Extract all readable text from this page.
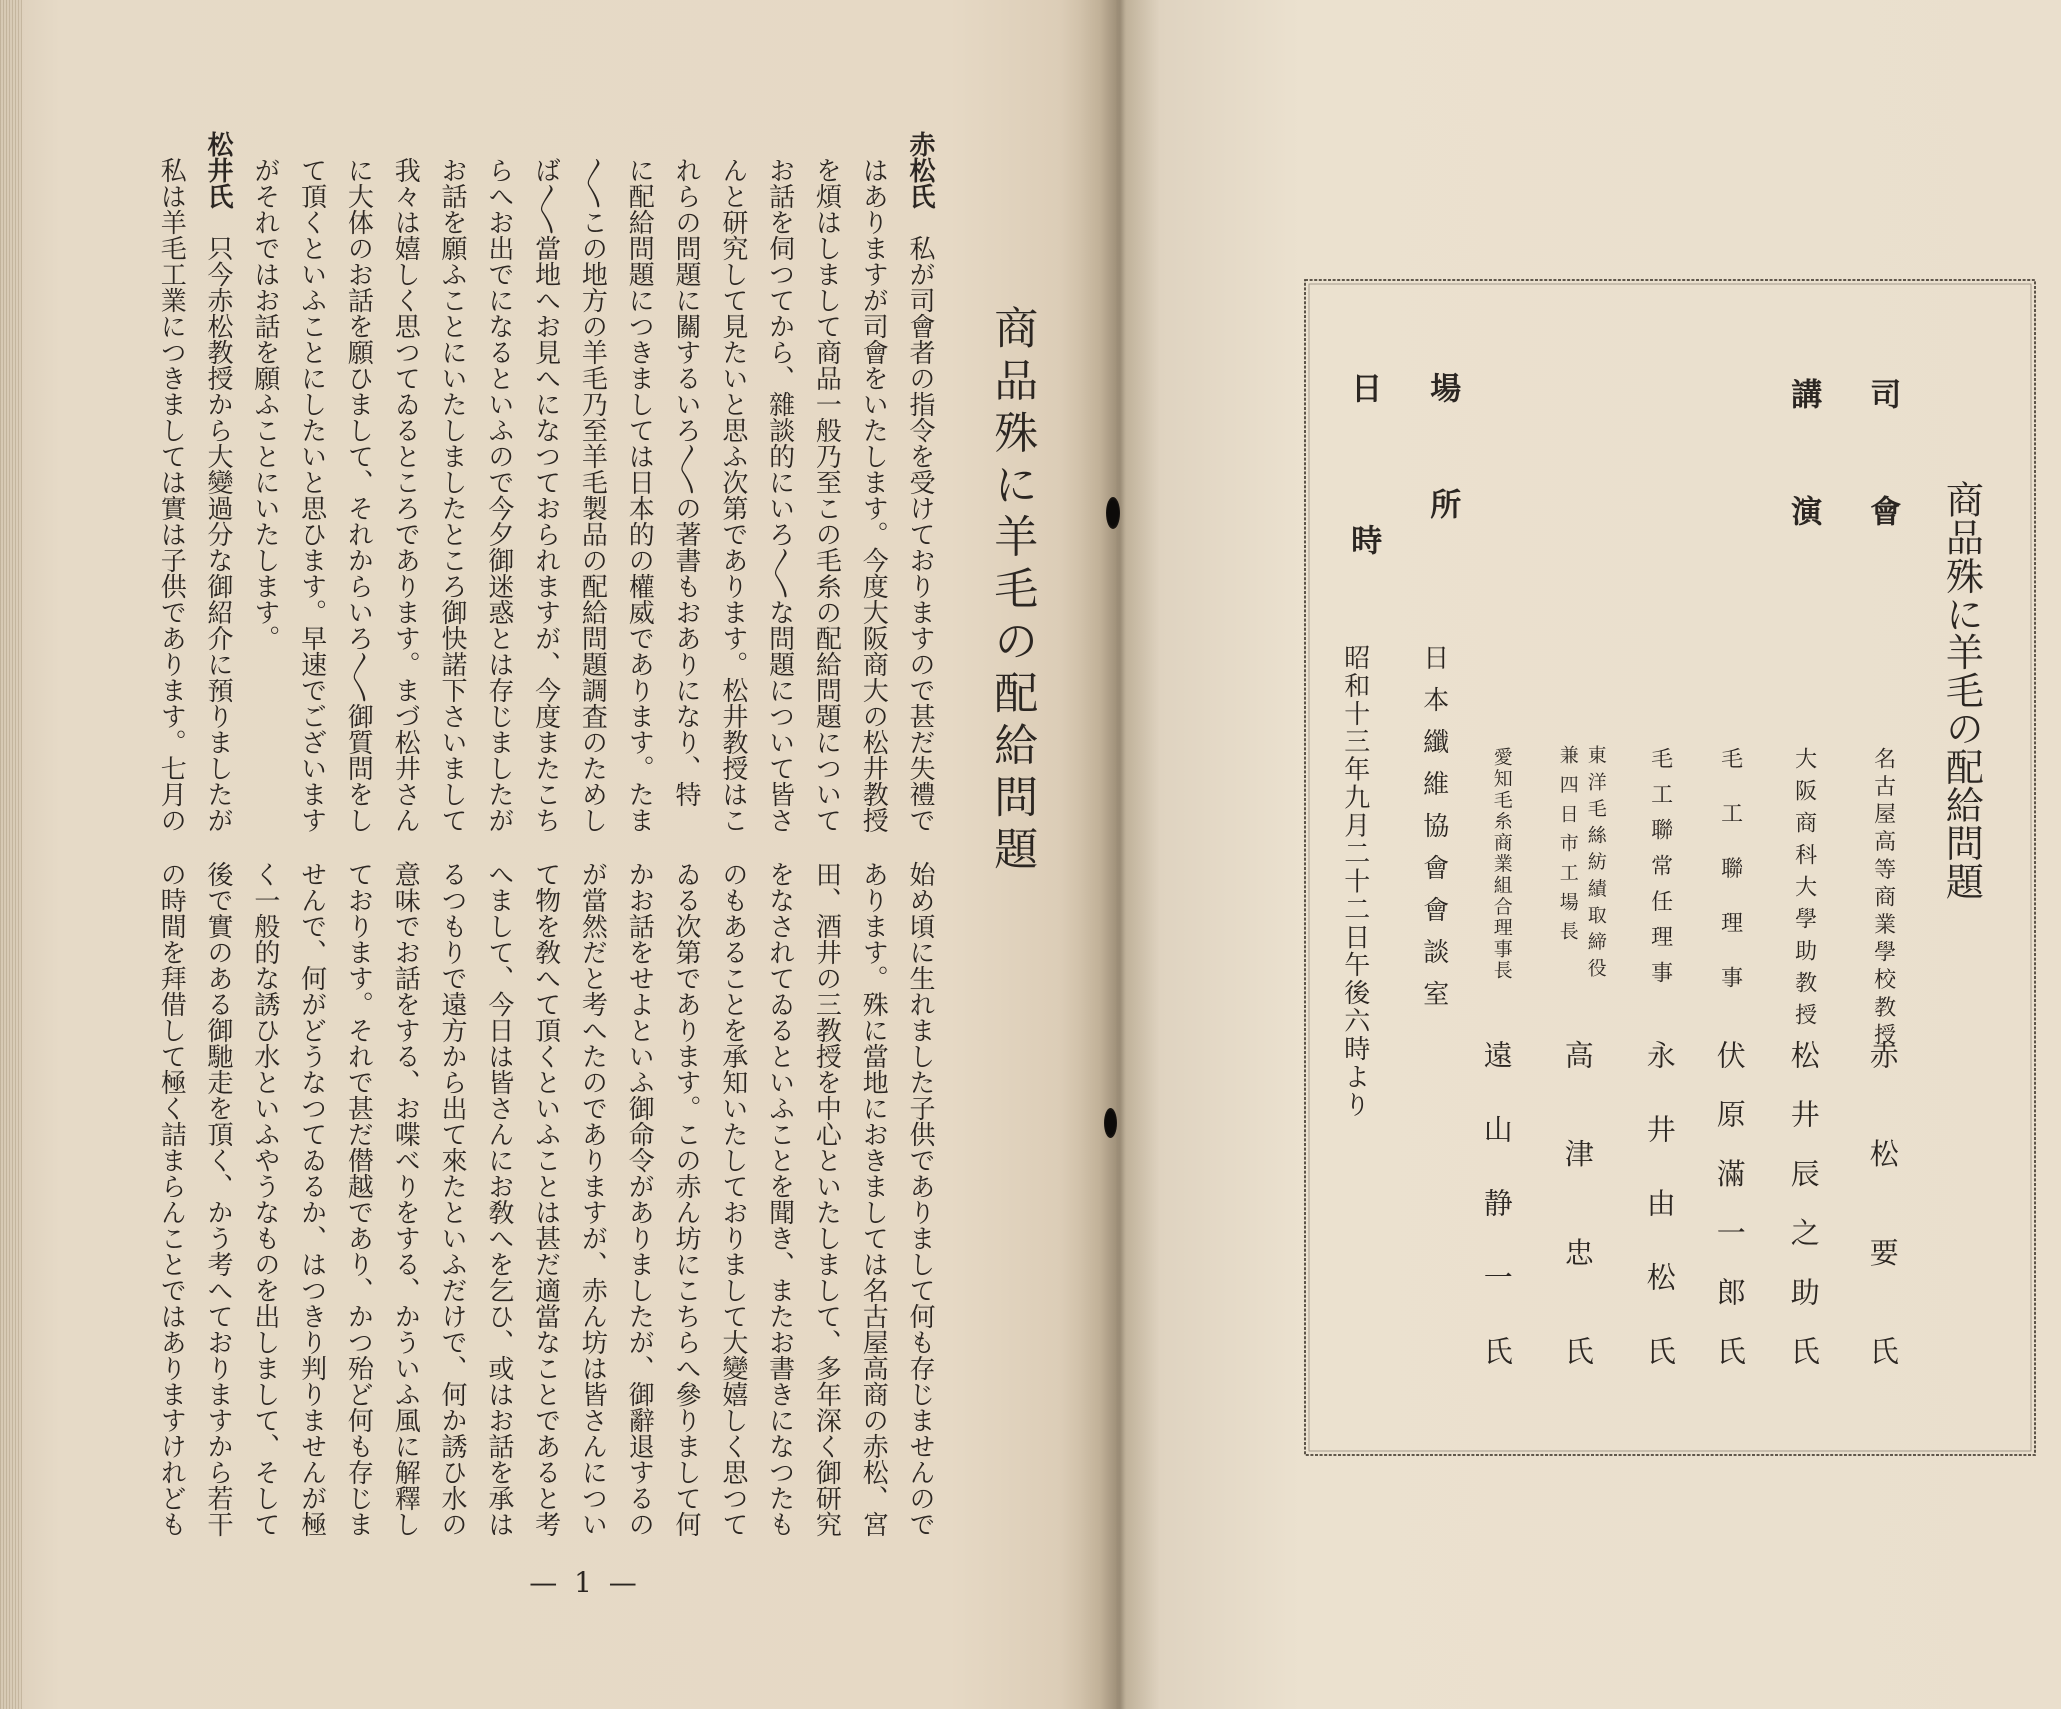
商品殊に羊毛の配給問題
赤松氏私が司會者の指令を受けておりますので甚だ失禮で
はありますが司會をいたします。今度大阪商大の松井教授
を煩はしまして商品一般乃至この毛糸の配給問題について
お話を伺つてから、雜談的にいろ〳〵な問題について皆さ
んと研究して見たいと思ふ次第であります。松井教授はこ
れらの問題に關するいろ〳〵の著書もおありになり、特
に配給問題につきましては日本的の權威であります。たま
〳〵この地方の羊毛乃至羊毛製品の配給問題調査のためし
ば〳〵當地へお見へになつておられますが、今度またこち
らへお出でになるといふので今夕御迷惑とは存じましたが
お話を願ふことにいたしましたところ御快諾下さいまして
我々は嬉しく思つてゐるところであります。まづ松井さん
に大体のお話を願ひまして、それからいろ〳〵御質問をし
て頂くといふことにしたいと思ひます。早速でございます
がそれではお話を願ふことにいたします。
松井氏只今赤松教授から大變過分な御紹介に預りましたが
私は羊毛工業につきましては實は子供であります。七月の
始め頃に生れました子供でありまして何も存じませんので
あります。殊に當地におきましては名古屋高商の赤松、宮
田、酒井の三教授を中心といたしまして、多年深く御研究
をなされてゐるといふことを聞き、またお書きになつたも
のもあることを承知いたしておりまして大變嬉しく思つて
ゐる次第であります。この赤ん坊にこちらへ參りまして何
かお話をせよといふ御命令がありましたが、御辭退するの
が當然だと考へたのでありますが、赤ん坊は皆さんについ
て物を敎へて頂くといふことは甚だ適當なことであると考
へまして、今日は皆さんにお敎へを乞ひ、或はお話を承は
るつもりで遠方から出て來たといふだけで、何か誘ひ水の
意味でお話をする、お喋べりをする、かういふ風に解釋し
ております。それで甚だ僣越であり、かつ殆ど何も存じま
せんで、何がどうなつてゐるか、はつきり判りませんが極
く一般的な誘ひ水といふやうなものを出しまして、そして
後で實のある御馳走を頂く、かう考へておりますから若干
の時間を拜借して極く詰まらんことではありますけれども
— 1 —
商品殊に羊毛の配給問題
司會
名古屋高等商業學校教授
赤松要氏
講演
大阪商科大學助教授
松井辰之助氏
毛工聯理事
伏原滿一郎氏
毛工聯常任理事
永井由松氏
東洋毛絲紡績取締役
兼四日市工場長
高津忠氏
愛知毛糸商業組合理事長
遠山静一氏
場所
日本纖維協會會談室
日時
昭和十三年九月二十二日午後六時より
